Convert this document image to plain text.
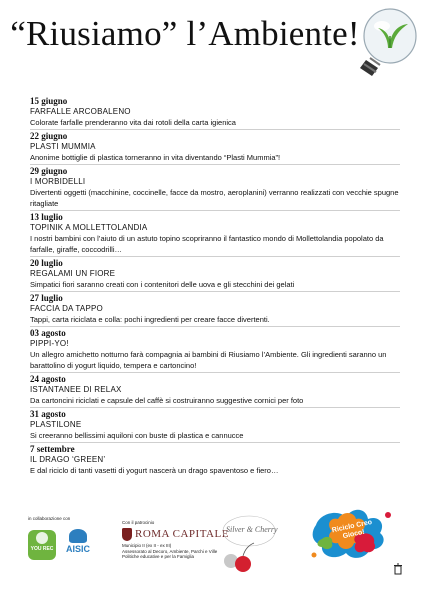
“Riusiamo” l’Ambiente!
15 giugno
FARFALLE ARCOBALENO
Colorate farfalle prenderanno vita dai rotoli della carta igienica
22 giugno
PLASTI MUMMIA
Anonime bottiglie di plastica torneranno in vita diventando “Plasti Mummia”!
29 giugno
I MORBIDELLI
Divertenti oggetti (macchinine, coccinelle, facce da mostro, aeroplanini) verranno realizzati con vecchie spugne ritagliate
13 luglio
TOPINIK A MOLLETTOLANDIA
I nostri bambini con l’aiuto di un astuto topino scopriranno il fantastico mondo di Mollettolandia popolato da farfalle, giraffe, coccodrilli…
20 luglio
REGALAMI UN FIORE
Simpatici fiori saranno creati con i contenitori delle uova e gli stecchini dei gelati
27 luglio
FACCIA DA TAPPO
Tappi, carta riciclata e colla: pochi ingredienti per creare facce divertenti.
03 agosto
PIPPI-YO!
Un allegro amichetto notturno farà compagnia ai bambini di Riusiamo l’Ambiente. Gli ingredienti saranno un barattolino di yogurt liquido, tempera e cartoncino!
24 agosto
ISTANTANEE DI RELAX
Da cartoncini riciclati e capsule del caffè si costruiranno suggestive cornici per foto
31 agosto
PLASTILONE
Si creeranno bellissimi aquiloni con buste di plastica e cannucce
7 settembre
IL DRAGO ‘GREEN’
E dal riciclo di tanti vasetti di yogurt nascerà un drago spaventoso e fiero…
in collaborazione con
YOU REC	AISIC
Con il patrocinio
ROMA CAPITALE
Municipio II (ex II - ex III)
Assessorato al Decoro, Ambiente, Parchi e Ville
Politiche educative e per la Famiglia
Silver & Cherry	Riciclo Creo Gioco!
